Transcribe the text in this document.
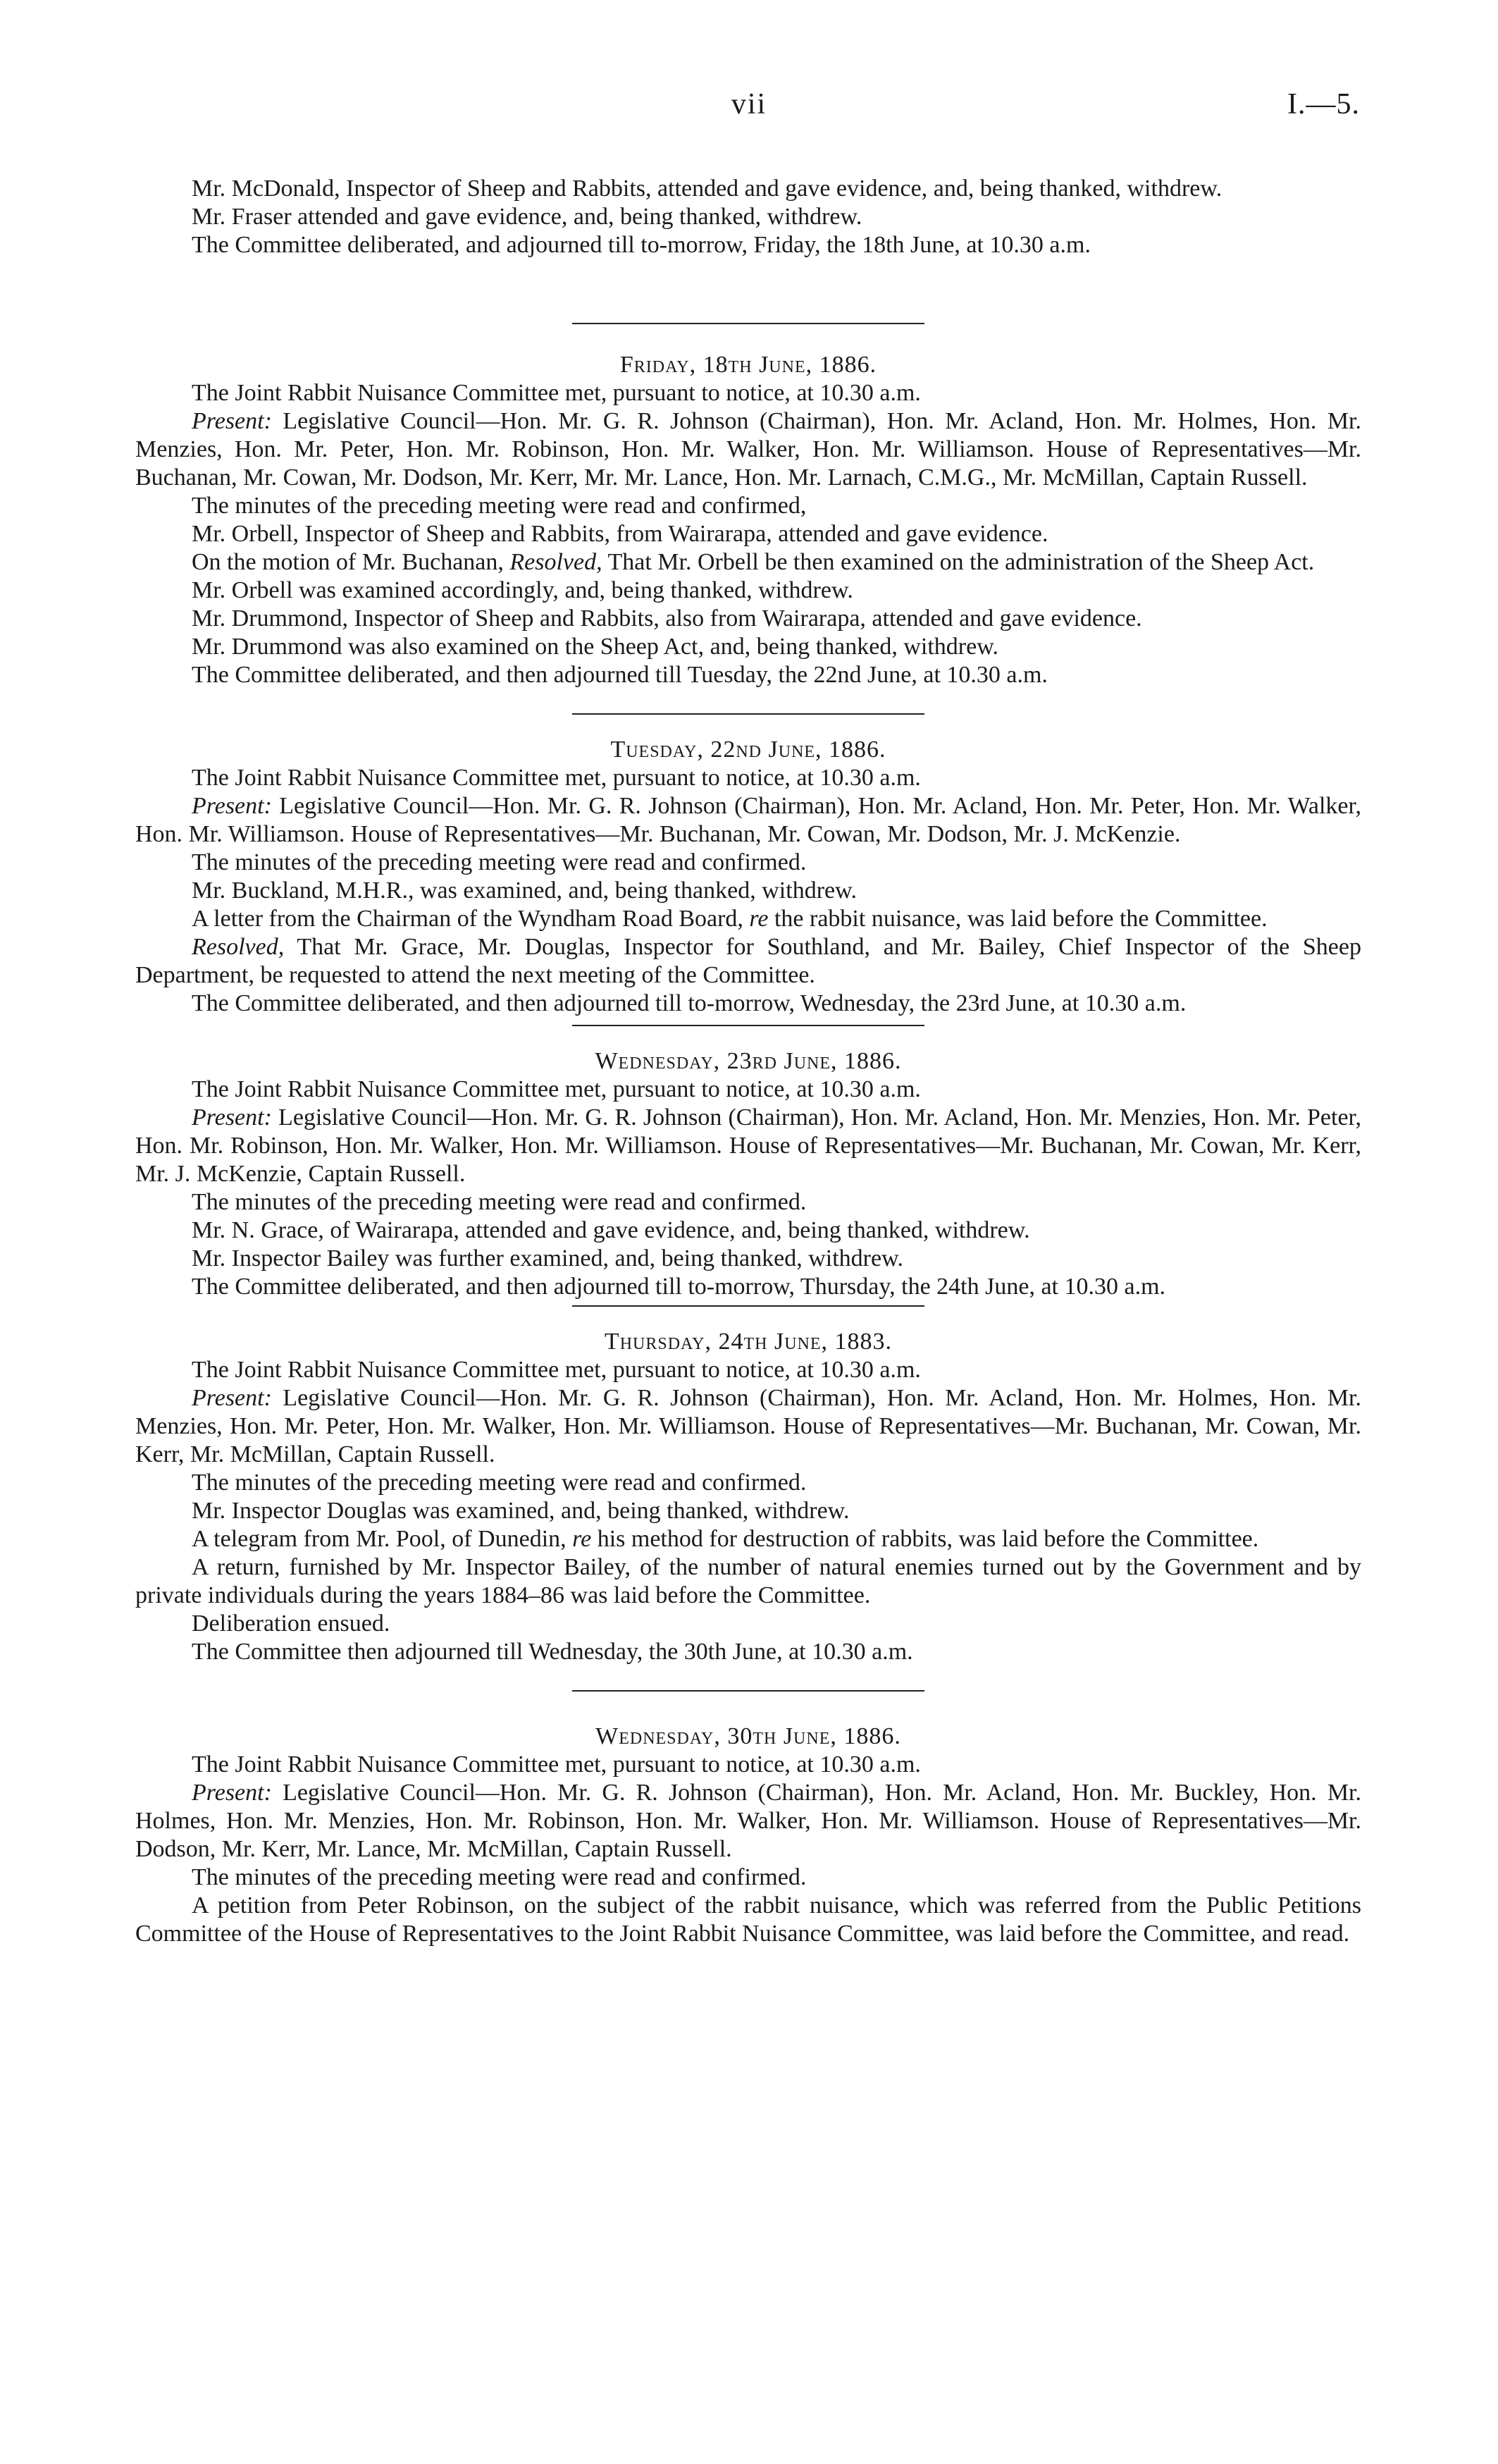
vii	I.—5.

Mr. McDonald, Inspector of Sheep and Rabbits, attended and gave evidence, and, being thanked, withdrew.

Mr. Fraser attended and gave evidence, and, being thanked, withdrew.

The Committee deliberated, and adjourned till to-morrow, Friday, the 18th June, at 10.30 a.m.

Friday, 18th June, 1886.

The Joint Rabbit Nuisance Committee met, pursuant to notice, at 10.30 a.m.

Present: Legislative Council—Hon. Mr. G. R. Johnson (Chairman), Hon. Mr. Acland, Hon. Mr. Holmes, Hon. Mr. Menzies, Hon. Mr. Peter, Hon. Mr. Robinson, Hon. Mr. Walker, Hon. Mr. Williamson. House of Representatives—Mr. Buchanan, Mr. Cowan, Mr. Dodson, Mr. Kerr, Mr. Mr. Lance, Hon. Mr. Larnach, C.M.G., Mr. McMillan, Captain Russell.

The minutes of the preceding meeting were read and confirmed,

Mr. Orbell, Inspector of Sheep and Rabbits, from Wairarapa, attended and gave evidence.

On the motion of Mr. Buchanan, Resolved, That Mr. Orbell be then examined on the administration of the Sheep Act.

Mr. Orbell was examined accordingly, and, being thanked, withdrew.

Mr. Drummond, Inspector of Sheep and Rabbits, also from Wairarapa, attended and gave evidence.

Mr. Drummond was also examined on the Sheep Act, and, being thanked, withdrew.

The Committee deliberated, and then adjourned till Tuesday, the 22nd June, at 10.30 a.m.

Tuesday, 22nd June, 1886.

The Joint Rabbit Nuisance Committee met, pursuant to notice, at 10.30 a.m.

Present: Legislative Council—Hon. Mr. G. R. Johnson (Chairman), Hon. Mr. Acland, Hon. Mr. Peter, Hon. Mr. Walker, Hon. Mr. Williamson. House of Representatives—Mr. Buchanan, Mr. Cowan, Mr. Dodson, Mr. J. McKenzie.

The minutes of the preceding meeting were read and confirmed.

Mr. Buckland, M.H.R., was examined, and, being thanked, withdrew.

A letter from the Chairman of the Wyndham Road Board, re the rabbit nuisance, was laid before the Committee.

Resolved, That Mr. Grace, Mr. Douglas, Inspector for Southland, and Mr. Bailey, Chief Inspector of the Sheep Department, be requested to attend the next meeting of the Committee.

The Committee deliberated, and then adjourned till to-morrow, Wednesday, the 23rd June, at 10.30 a.m.

Wednesday, 23rd June, 1886.

The Joint Rabbit Nuisance Committee met, pursuant to notice, at 10.30 a.m.

Present: Legislative Council—Hon. Mr. G. R. Johnson (Chairman), Hon. Mr. Acland, Hon. Mr. Menzies, Hon. Mr. Peter, Hon. Mr. Robinson, Hon. Mr. Walker, Hon. Mr. Williamson. House of Representatives—Mr. Buchanan, Mr. Cowan, Mr. Kerr, Mr. J. McKenzie, Captain Russell.

The minutes of the preceding meeting were read and confirmed.

Mr. N. Grace, of Wairarapa, attended and gave evidence, and, being thanked, withdrew.

Mr. Inspector Bailey was further examined, and, being thanked, withdrew.

The Committee deliberated, and then adjourned till to-morrow, Thursday, the 24th June, at 10.30 a.m.

Thursday, 24th June, 1883.

The Joint Rabbit Nuisance Committee met, pursuant to notice, at 10.30 a.m.

Present: Legislative Council—Hon. Mr. G. R. Johnson (Chairman), Hon. Mr. Acland, Hon. Mr. Holmes, Hon. Mr. Menzies, Hon. Mr. Peter, Hon. Mr. Walker, Hon. Mr. Williamson. House of Representatives—Mr. Buchanan, Mr. Cowan, Mr. Kerr, Mr. McMillan, Captain Russell.

The minutes of the preceding meeting were read and confirmed.

Mr. Inspector Douglas was examined, and, being thanked, withdrew.

A telegram from Mr. Pool, of Dunedin, re his method for destruction of rabbits, was laid before the Committee.

A return, furnished by Mr. Inspector Bailey, of the number of natural enemies turned out by the Government and by private individuals during the years 1884–86 was laid before the Committee.

Deliberation ensued.

The Committee then adjourned till Wednesday, the 30th June, at 10.30 a.m.

Wednesday, 30th June, 1886.

The Joint Rabbit Nuisance Committee met, pursuant to notice, at 10.30 a.m.

Present: Legislative Council—Hon. Mr. G. R. Johnson (Chairman), Hon. Mr. Acland, Hon. Mr. Buckley, Hon. Mr. Holmes, Hon. Mr. Menzies, Hon. Mr. Robinson, Hon. Mr. Walker, Hon. Mr. Williamson. House of Representatives—Mr. Dodson, Mr. Kerr, Mr. Lance, Mr. McMillan, Captain Russell.

The minutes of the preceding meeting were read and confirmed.

A petition from Peter Robinson, on the subject of the rabbit nuisance, which was referred from the Public Petitions Committee of the House of Representatives to the Joint Rabbit Nuisance Committee, was laid before the Committee, and read.
